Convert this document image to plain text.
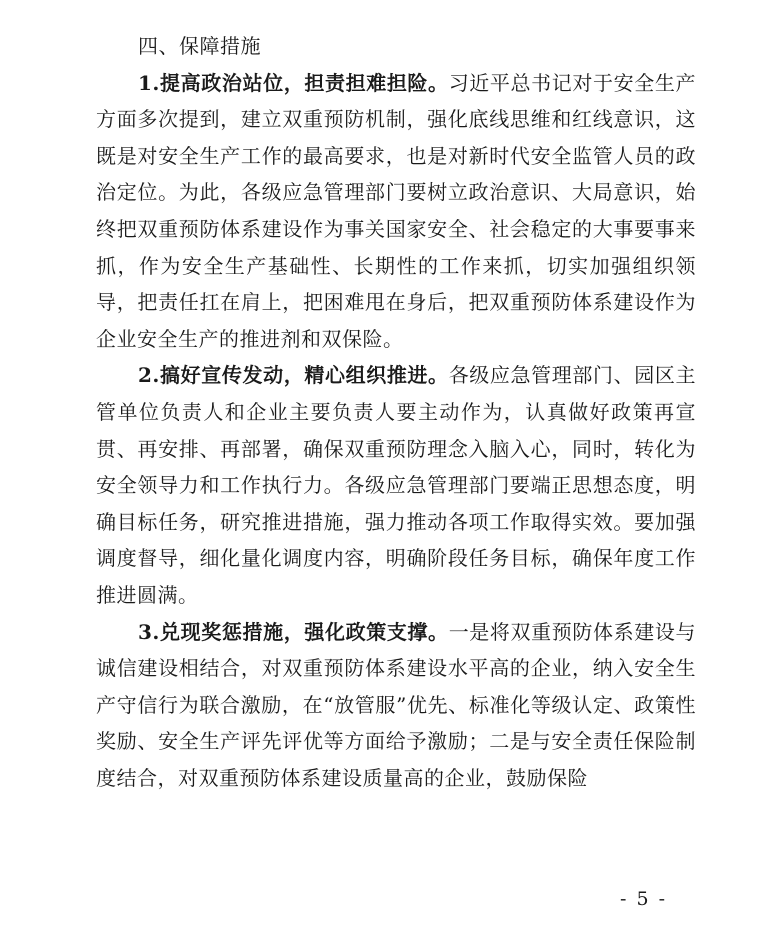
四、保障措施

1.提高政治站位，担责担难担险。习近平总书记对于安全生产方面多次提到，建立双重预防机制，强化底线思维和红线意识，这既是对安全生产工作的最高要求，也是对新时代安全监管人员的政治定位。为此，各级应急管理部门要树立政治意识、大局意识，始终把双重预防体系建设作为事关国家安全、社会稳定的大事要事来抓，作为安全生产基础性、长期性的工作来抓，切实加强组织领导，把责任扛在肩上，把困难甩在身后，把双重预防体系建设作为企业安全生产的推进剂和双保险。

2.搞好宣传发动，精心组织推进。各级应急管理部门、园区主管单位负责人和企业主要负责人要主动作为，认真做好政策再宣贯、再安排、再部署，确保双重预防理念入脑入心，同时，转化为安全领导力和工作执行力。各级应急管理部门要端正思想态度，明确目标任务，研究推进措施，强力推动各项工作取得实效。要加强调度督导，细化量化调度内容，明确阶段任务目标，确保年度工作推进圆满。

3.兑现奖惩措施，强化政策支撑。一是将双重预防体系建设与诚信建设相结合，对双重预防体系建设水平高的企业，纳入安全生产守信行为联合激励，在“放管服”优先、标准化等级认定、政策性奖励、安全生产评先评优等方面给予激励；二是与安全责任保险制度结合，对双重预防体系建设质量高的企业，鼓励保险

- 5 -
